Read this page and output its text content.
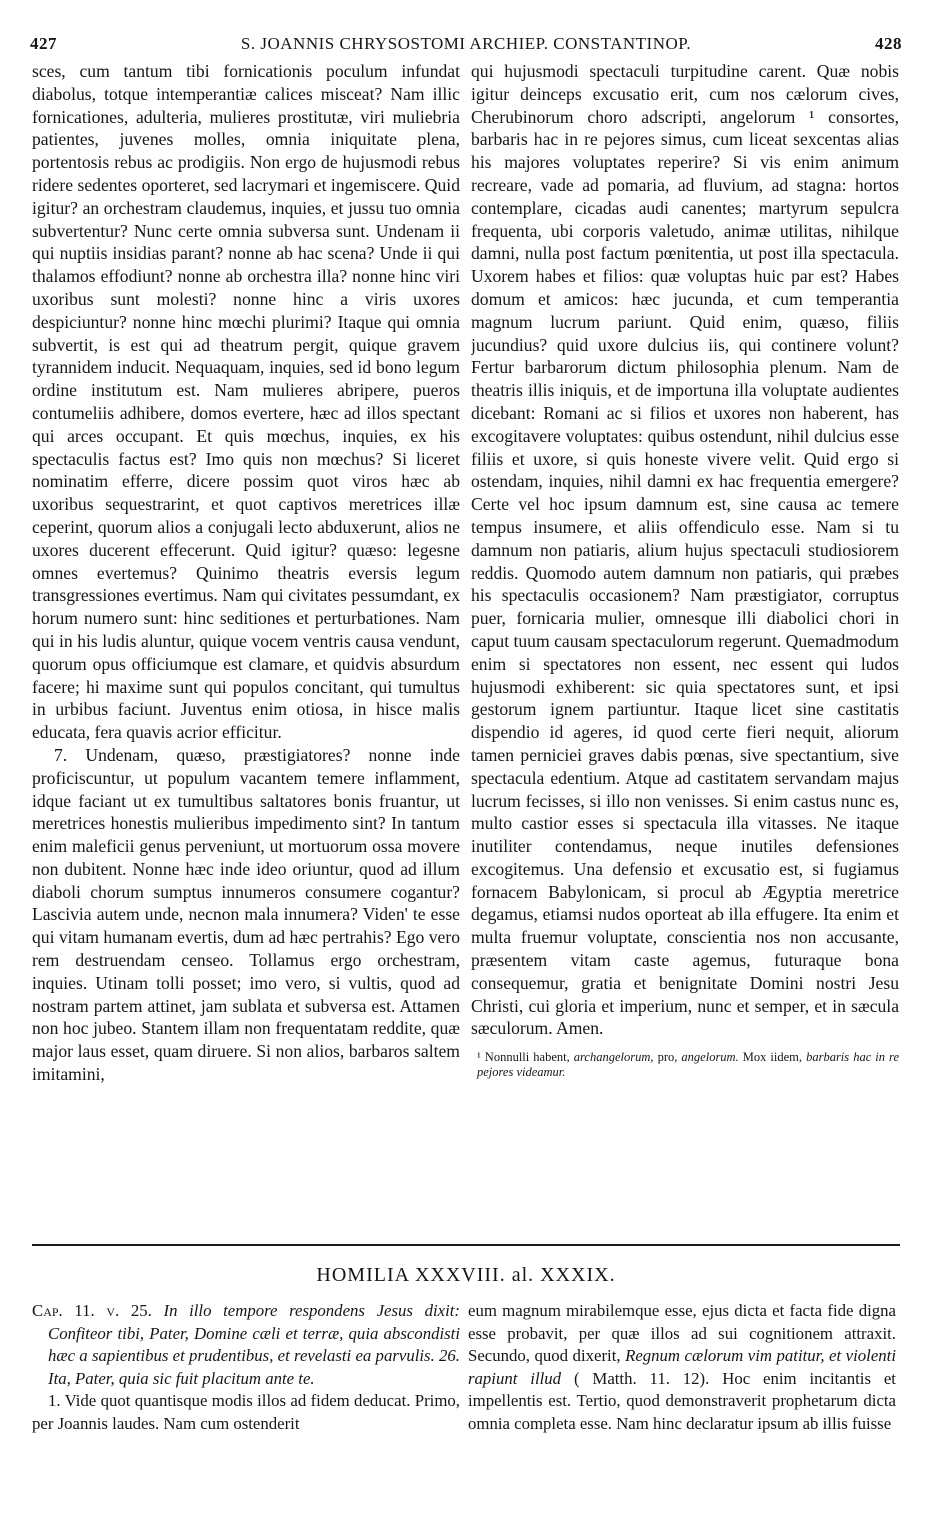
427	S. JOANNIS CHRYSOSTOMI ARCHIEP. CONSTANTINOP.	428

sces, cum tantum tibi fornicationis poculum infundat diabolus, totque intemperantiæ calices misceat? Nam illic fornicationes, adulteria, mulieres prostitutæ, viri muliebria patientes, juvenes molles, omnia iniquitate plena, portentosis rebus ac prodigiis. Non ergo de hujusmodi rebus ridere sedentes oporteret, sed lacrymari et ingemiscere. Quid igitur? an orchestram claudemus, inquies, et jussu tuo omnia subvertentur? Nunc certe omnia subversa sunt. Undenam ii qui nuptiis insidias parant? nonne ab hac scena? Unde ii qui thalamos effodiunt? nonne ab orchestra illa? nonne hinc viri uxoribus sunt molesti? nonne hinc a viris uxores despiciuntur? nonne hinc mœchi plurimi? Itaque qui omnia subvertit, is est qui ad theatrum pergit, quique gravem tyrannidem inducit. Nequaquam, inquies, sed id bono legum ordine institutum est. Nam mulieres abripere, pueros contumeliis adhibere, domos evertere, hæc ad illos spectant qui arces occupant. Et quis mœchus, inquies, ex his spectaculis factus est? Imo quis non mœchus? Si liceret nominatim efferre, dicere possim quot viros hæc ab uxoribus sequestrarint, et quot captivos meretrices illæ ceperint, quorum alios a conjugali lecto abduxerunt, alios ne uxores ducerent effecerunt. Quid igitur? quæso: legesne omnes evertemus? Quinimo theatris eversis legum transgressiones evertimus. Nam qui civitates pessumdant, ex horum numero sunt: hinc seditiones et perturbationes. Nam qui in his ludis aluntur, quique vocem ventris causa vendunt, quorum opus officiumque est clamare, et quidvis absurdum facere; hi maxime sunt qui populos concitant, qui tumultus in urbibus faciunt. Juventus enim otiosa, in hisce malis educata, fera quavis acrior efficitur.

7. Undenam, quæso, præstigiatores? nonne inde proficiscuntur, ut populum vacantem temere inflamment, idque faciant ut ex tumultibus saltatores bonis fruantur, ut meretrices honestis mulieribus impedimento sint? In tantum enim maleficii genus perveniunt, ut mortuorum ossa movere non dubitent. Nonne hæc inde ideo oriuntur, quod ad illum diaboli chorum sumptus innumeros consumere cogantur? Lascivia autem unde, necnon mala innumera? Viden' te esse qui vitam humanam evertis, dum ad hæc pertrahis? Ego vero rem destruendam censeo. Tollamus ergo orchestram, inquies. Utinam tolli posset; imo vero, si vultis, quod ad nostram partem attinet, jam sublata et subversa est. Attamen non hoc jubeo. Stantem illam non frequentatam reddite, quæ major laus esset, quam diruere. Si non alios, barbaros saltem imitamini,

qui hujusmodi spectaculi turpitudine carent. Quæ nobis igitur deinceps excusatio erit, cum nos cælorum cives, Cherubinorum choro adscripti, angelorum ¹ consortes, barbaris hac in re pejores simus, cum liceat sexcentas alias his majores voluptates reperire? Si vis enim animum recreare, vade ad pomaria, ad fluvium, ad stagna: hortos contemplare, cicadas audi canentes; martyrum sepulcra frequenta, ubi corporis valetudo, animæ utilitas, nihilque damni, nulla post factum pœnitentia, ut post illa spectacula. Uxorem habes et filios: quæ voluptas huic par est? Habes domum et amicos: hæc jucunda, et cum temperantia magnum lucrum pariunt. Quid enim, quæso, filiis jucundius? quid uxore dulcius iis, qui continere volunt? Fertur barbarorum dictum philosophia plenum. Nam de theatris illis iniquis, et de importuna illa voluptate audientes dicebant: Romani ac si filios et uxores non haberent, has excogitavere voluptates: quibus ostendunt, nihil dulcius esse filiis et uxore, si quis honeste vivere velit. Quid ergo si ostendam, inquies, nihil damni ex hac frequentia emergere? Certe vel hoc ipsum damnum est, sine causa ac temere tempus insumere, et aliis offendiculo esse. Nam si tu damnum non patiaris, alium hujus spectaculi studiosiorem reddis. Quomodo autem damnum non patiaris, qui præbes his spectaculis occasionem? Nam præstigiator, corruptus puer, fornicaria mulier, omnesque illi diabolici chori in caput tuum causam spectaculorum regerunt. Quemadmodum enim si spectatores non essent, nec essent qui ludos hujusmodi exhiberent: sic quia spectatores sunt, et ipsi gestorum ignem partiuntur. Itaque licet sine castitatis dispendio id ageres, id quod certe fieri nequit, aliorum tamen perniciei graves dabis pœnas, sive spectantium, sive spectacula edentium. Atque ad castitatem servandam majus lucrum fecisses, si illo non venisses. Si enim castus nunc es, multo castior esses si spectacula illa vitasses. Ne itaque inutiliter contendamus, neque inutiles defensiones excogitemus. Una defensio et excusatio est, si fugiamus fornacem Babylonicam, si procul ab Ægyptia meretrice degamus, etiamsi nudos oporteat ab illa effugere. Ita enim et multa fruemur voluptate, conscientia nos non accusante, præsentem vitam caste agemus, futuraque bona consequemur, gratia et benignitate Domini nostri Jesu Christi, cui gloria et imperium, nunc et semper, et in sæcula sæculorum. Amen.

¹ Nonnulli habent, archangelorum, pro, angelorum. Mox iidem, barbaris hac in re pejores videamur.
HOMILIA XXXVIII. al. XXXIX.

Cap. 11. v. 25. In illo tempore respondens Jesus dixit: Confiteor tibi, Pater, Domine cæli et terræ, quia abscondisti hæc a sapientibus et prudentibus, et revelasti ea parvulis. 26. Ita, Pater, quia sic fuit placitum ante te.

1. Vide quot quantisque modis illos ad fidem deducat. Primo, per Joannis laudes. Nam cum ostenderit

eum magnum mirabilemque esse, ejus dicta et facta fide digna esse probavit, per quæ illos ad sui cognitionem attraxit. Secundo, quod dixerit, Regnum cælorum vim patitur, et violenti rapiunt illud ( Matth. 11. 12). Hoc enim incitantis et impellentis est. Tertio, quod demonstraverit prophetarum dicta omnia completa esse. Nam hinc declaratur ipsum ab illis fuisse
